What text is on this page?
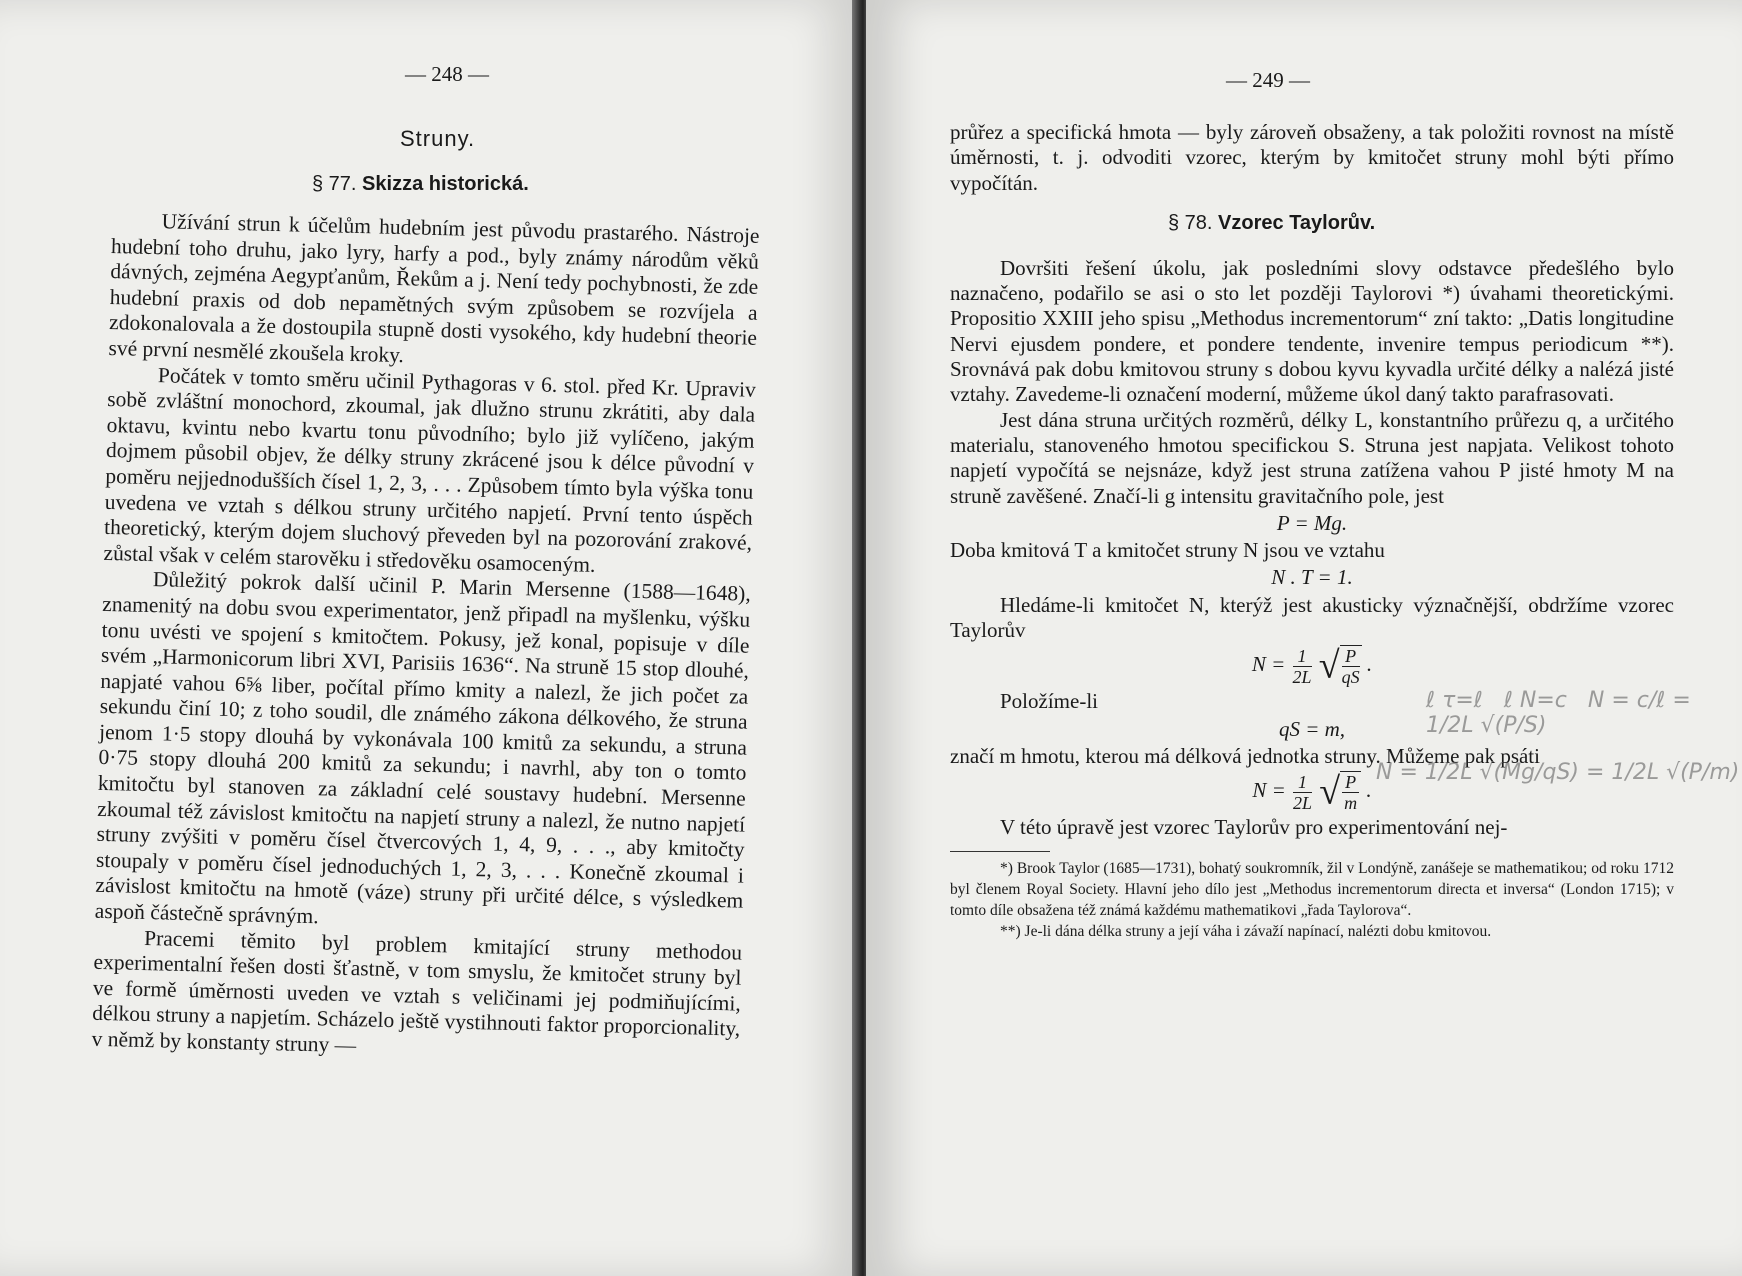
— 248 —
Struny.
§ 77. Skizza historická.

Užívání strun k účelům hudebním jest původu prastarého. Nástroje hudební toho druhu, jako lyry, harfy a pod., byly známy národům věků dávných, zejména Aegypťanům, Řekům a j. Není tedy pochybnosti, že zde hudební praxis od dob nepamětných svým způsobem se rozvíjela a zdokonalovala a že dostoupila stupně dosti vysokého, kdy hudební theorie své první nesmělé zkoušela kroky.

Počátek v tomto směru učinil Pythagoras v 6. stol. před Kr. Upraviv sobě zvláštní monochord, zkoumal, jak dlužno strunu zkrátiti, aby dala oktavu, kvintu nebo kvartu tonu původního; bylo již vylíčeno, jakým dojmem působil objev, že délky struny zkrácené jsou k délce původní v poměru nejjednodušších čísel 1, 2, 3, . . . Způsobem tímto byla výška tonu uvedena ve vztah s délkou struny určitého napjetí. První tento úspěch theoretický, kterým dojem sluchový převeden byl na pozorování zrakové, zůstal však v celém starověku i středověku osamoceným.

Důležitý pokrok další učinil P. Marin Mersenne (1588—1648), znamenitý na dobu svou experimentator, jenž připadl na myšlenku, výšku tonu uvésti ve spojení s kmitočtem. Pokusy, jež konal, popisuje v díle svém „Harmonicorum libri XVI, Parisiis 1636“. Na struně 15 stop dlouhé, napjaté vahou 6⅝ liber, počítal přímo kmity a nalezl, že jich počet za sekundu činí 10; z toho soudil, dle známého zákona délkového, že struna jenom 1·5 stopy dlouhá by vykonávala 100 kmitů za sekundu, a struna 0·75 stopy dlouhá 200 kmitů za sekundu; i navrhl, aby ton o tomto kmitočtu byl stanoven za základní celé soustavy hudební. Mersenne zkoumal též závislost kmitočtu na napjetí struny a nalezl, že nutno napjetí struny zvýšiti v poměru čísel čtvercových 1, 4, 9, . . ., aby kmitočty stoupaly v poměru čísel jednoduchých 1, 2, 3, . . . Konečně zkoumal i závislost kmitočtu na hmotě (váze) struny při určité délce, s výsledkem aspoň částečně správným.

Pracemi těmito byl problem kmitající struny methodou experimentalní řešen dosti šťastně, v tom smyslu, že kmitočet struny byl ve formě úměrnosti uveden ve vztah s veličinami jej podmiňujícími, délkou struny a napjetím. Scházelo ještě vystihnouti faktor proporcionality, v němž by konstanty struny —

— 249 —

průřez a specifická hmota — byly zároveň obsaženy, a tak položiti rovnost na místě úměrnosti, t. j. odvoditi vzorec, kterým by kmitočet struny mohl býti přímo vypočítán.

Dovršiti řešení úkolu, jak posledními slovy odstavce předešlého bylo naznačeno, podařilo se asi o sto let později Taylorovi *) úvahami theoretickými. Propositio XXIII jeho spisu „Methodus incrementorum“ zní takto: „Datis longitudine Nervi ejusdem pondere, et pondere tendente, invenire tempus periodicum **). Srovnává pak dobu kmitovou struny s dobou kyvu kyvadla určité délky a nalézá jisté vztahy. Zavedeme-li označení moderní, můžeme úkol daný takto parafrasovati.

Jest dána struna určitých rozměrů, délky L, konstantního průřezu q, a určitého materialu, stanoveného hmotou specifickou S. Struna jest napjata. Velikost tohoto napjetí vypočítá se nejsnáze, když jest struna zatížena vahou P jisté hmoty M na struně zavěšené. Značí-li g intensitu gravitačního pole, jest

P = Mg.

Doba kmitová T a kmitočet struny N jsou ve vztahu

N . T = 1.

Hledáme-li kmitočet N, kterýž jest akusticky význačnější, obdržíme vzorec Taylorův

$N = \frac{1}{2L}$ √ $\frac{P}{qS}$ .

Položíme-li

qS = m,

značí m hmotu, kterou má délková jednotka struny. Můžeme pak psáti

$N = \frac{1}{2L}$ √ $\frac{P}{m}$ .

V této úpravě jest vzorec Taylorův pro experimentování nej-

*) Brook Taylor (1685—1731), bohatý soukromník, žil v Londýně, zanášeje se mathematikou; od roku 1712 byl členem Royal Society. Hlavní jeho dílo jest „Methodus incrementorum directa et inversa“ (London 1715); v tomto díle obsažena též známá každému mathematikovi „řada Taylorova“.

**) Je-li dána délka struny a její váha i závaží napínací, nalézti dobu kmitovou.

§ 78. Vzorec Taylorův.
ℓ τ=ℓ   ℓ N=c   N = c/ℓ = 1/2L √(P/S)
N = 1/2L √(Mg/qS) = 1/2L √(P/m)
